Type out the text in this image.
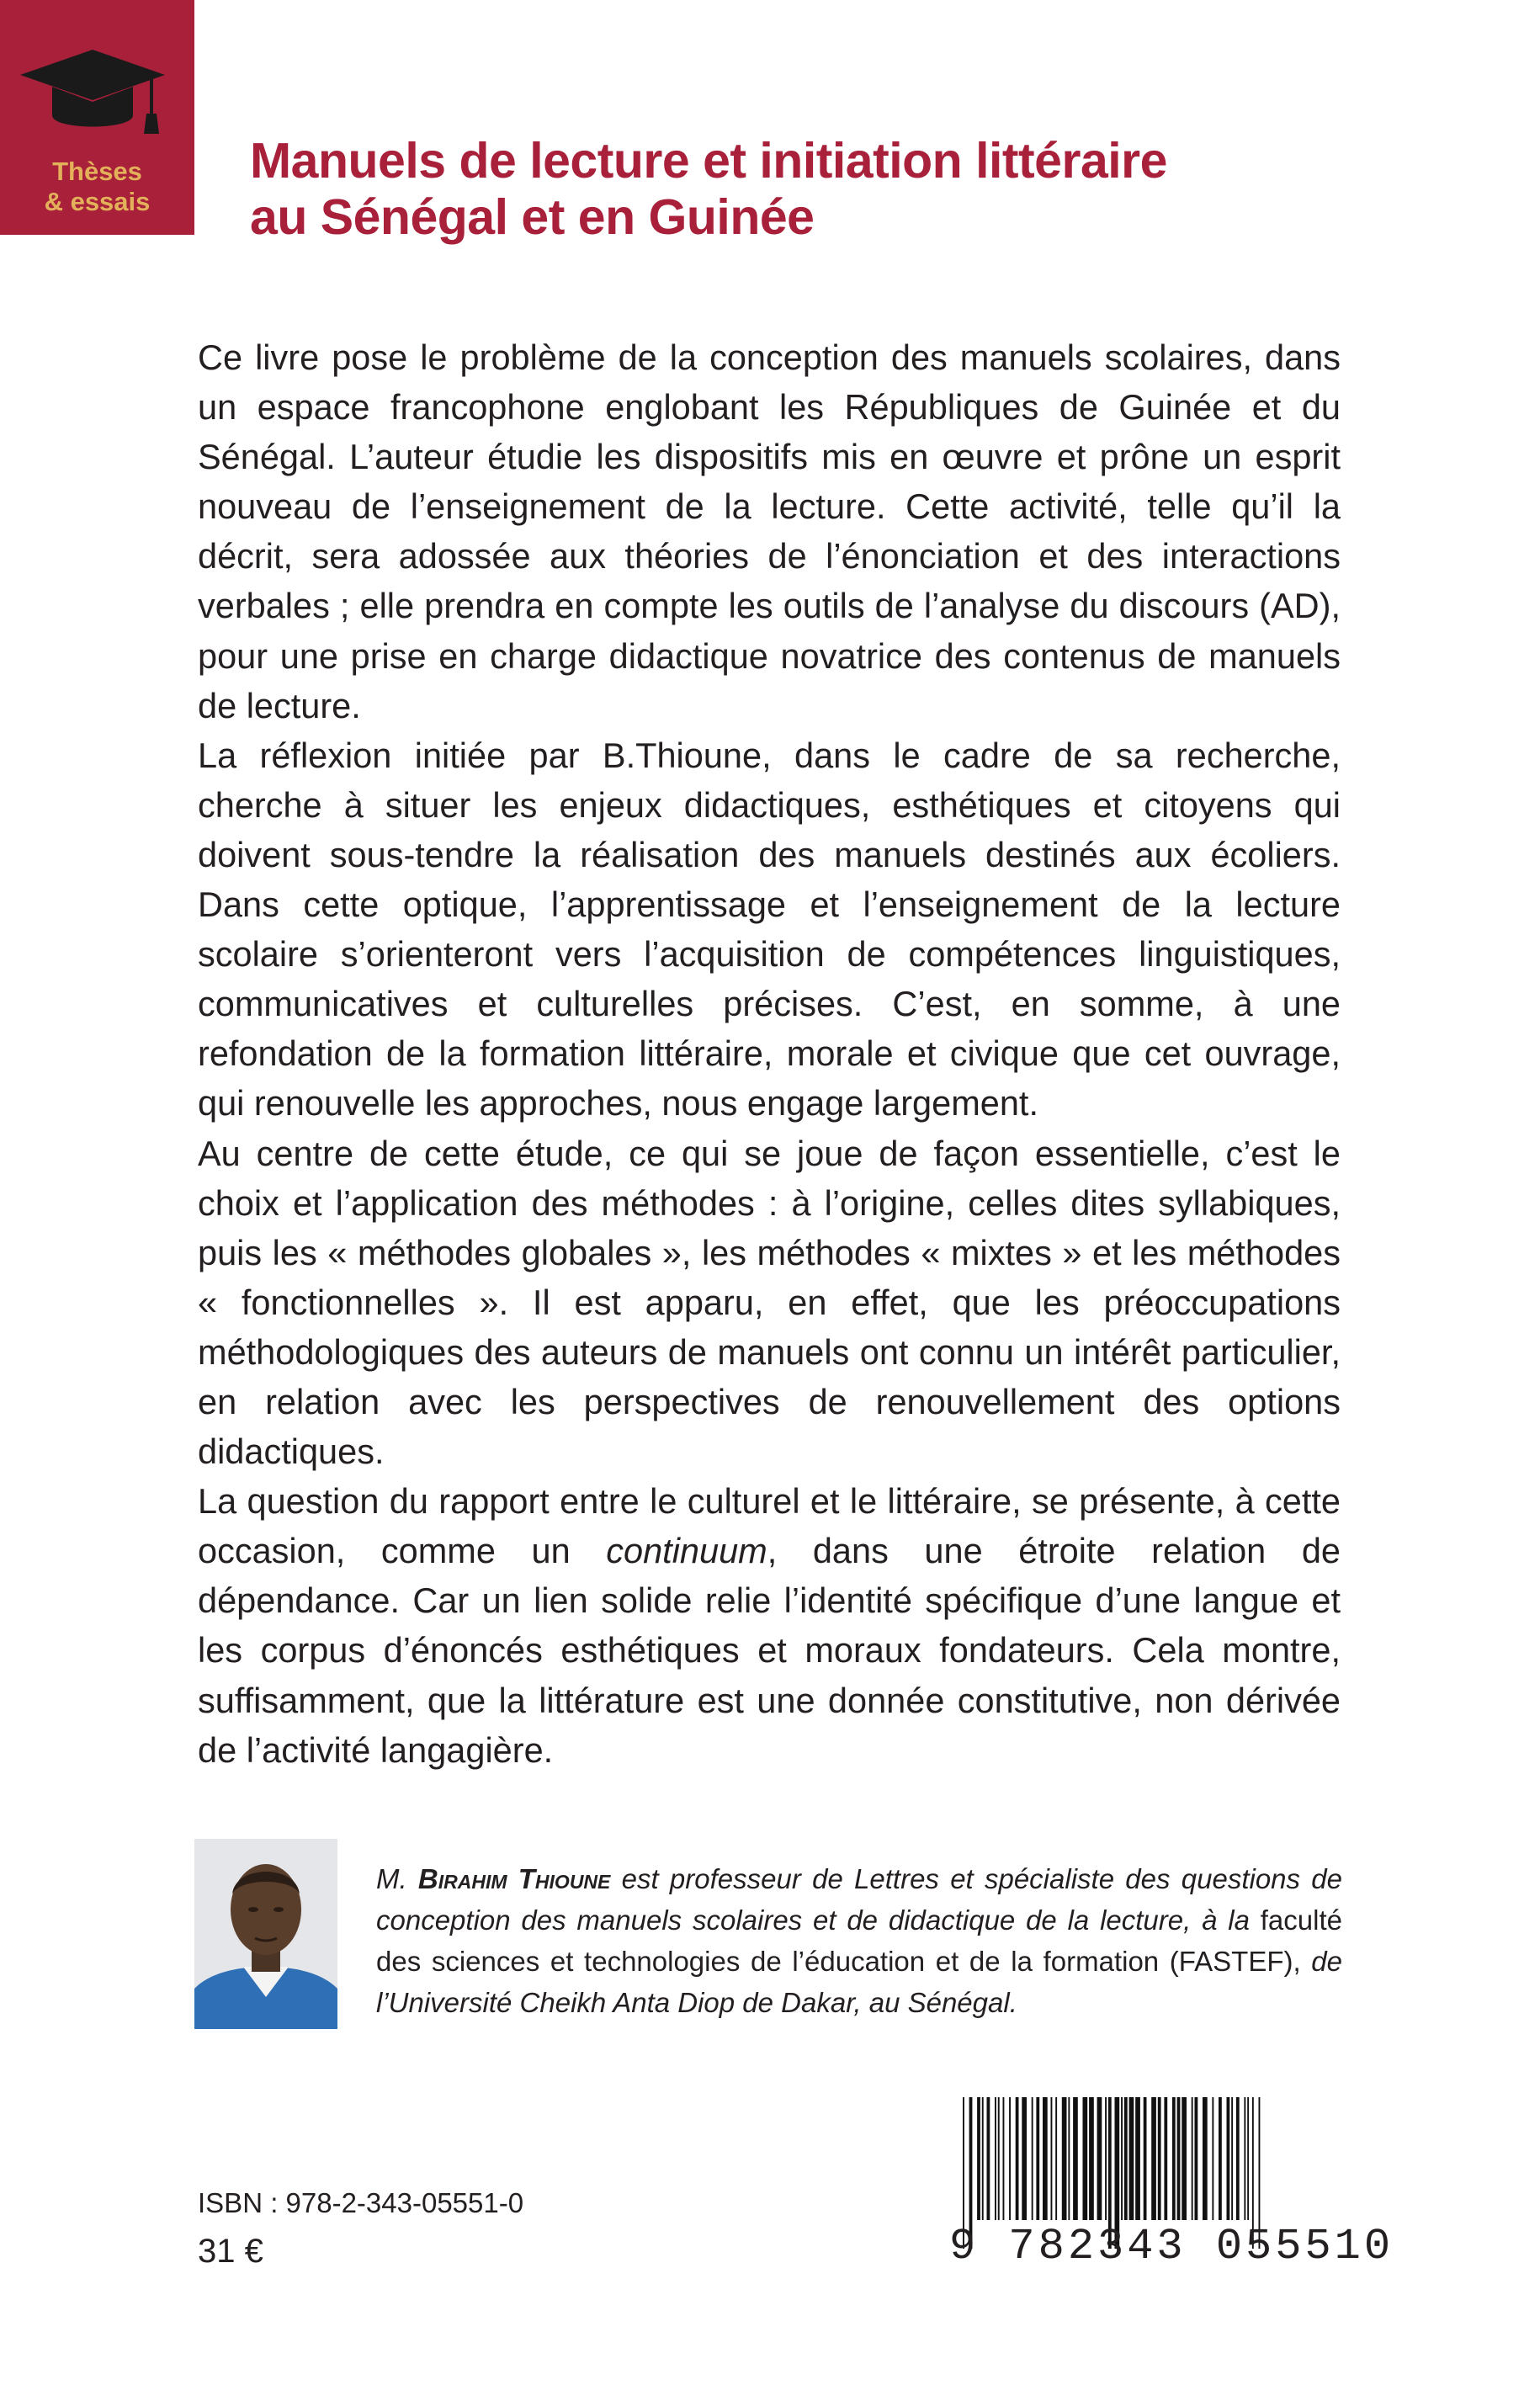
Thèses
& essais
Manuels de lecture et initiation littéraire
au Sénégal et en Guinée

Ce livre pose le problème de la conception des manuels scolaires, dans un espace francophone englobant les Républiques de Guinée et du Sénégal. L’auteur étudie les dispositifs mis en œuvre et prône un esprit nouveau de l’enseignement de la lecture. Cette activité, telle qu’il la décrit, sera adossée aux théories de l’énonciation et des interactions verbales ; elle prendra en compte les outils de l’analyse du discours (AD), pour une prise en charge didactique novatrice des contenus de manuels de lecture.

La réflexion initiée par B.Thioune, dans le cadre de sa recherche, cherche à situer les enjeux didactiques, esthétiques et citoyens qui doivent sous-tendre la réalisation des manuels destinés aux écoliers. Dans cette optique, l’apprentissage et l’enseignement de la lecture scolaire s’orienteront vers l’acquisition de compétences linguistiques, communicatives et culturelles précises. C’est, en somme, à une refondation de la formation littéraire, morale et civique que cet ouvrage, qui renouvelle les approches, nous engage largement.

Au centre de cette étude, ce qui se joue de façon essentielle, c’est le choix et l’application des méthodes : à l’origine, celles dites syllabiques, puis les « méthodes globales », les méthodes « mixtes » et les méthodes « fonctionnelles ». Il est apparu, en effet, que les préoccupations méthodologiques des auteurs de manuels ont connu un intérêt particulier, en relation avec les perspectives de renouvellement des options didactiques.

La question du rapport entre le culturel et le littéraire, se présente, à cette occasion, comme un continuum, dans une étroite relation de dépendance. Car un lien solide relie l’identité spécifique d’une langue et les corpus d’énoncés esthétiques et moraux fondateurs. Cela montre, suffisamment, que la littérature est une donnée constitutive, non dérivée de l’activité langagière.

M. Birahim Thioune est professeur de Lettres et spécialiste des questions de conception des manuels scolaires et de didactique de la lecture, à la faculté des sciences et technologies de l’éducation et de la formation (FASTEF), de l’Université Cheikh Anta Diop de Dakar, au Sénégal.

ISBN : 978-2-343-05551-0
31 €	9 782343 055510
